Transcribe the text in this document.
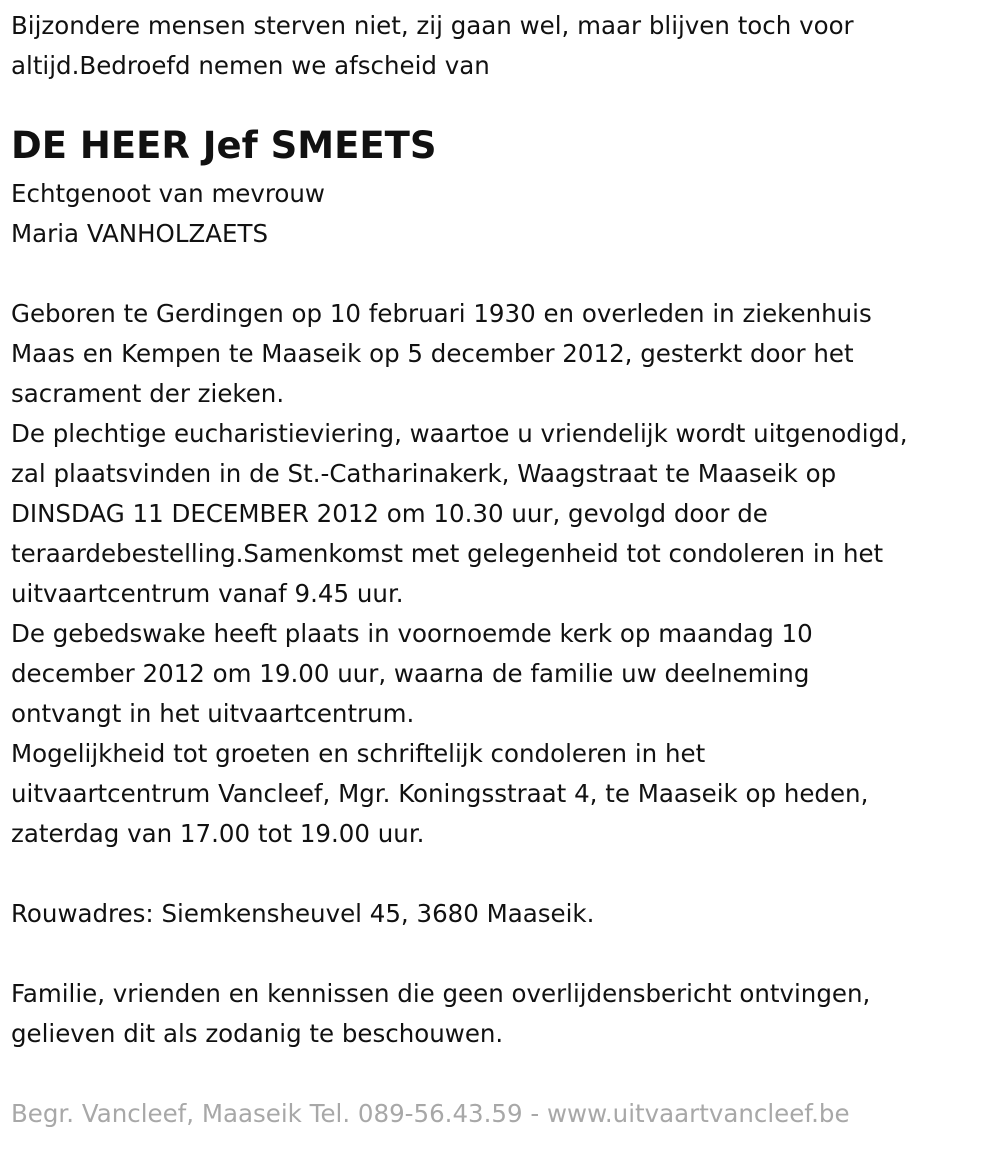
Bijzondere mensen sterven niet, zij gaan wel, maar blijven toch voor
altijd.Bedroefd nemen we afscheid van
DE HEER Jef SMEETS
Echtgenoot van mevrouw
Maria VANHOLZAETS
Geboren te Gerdingen op 10 februari 1930 en overleden in ziekenhuis
Maas en Kempen te Maaseik op 5 december 2012, gesterkt door het
sacrament der zieken.
De plechtige eucharistieviering, waartoe u vriendelijk wordt uitgenodigd,
zal plaatsvinden in de St.-Catharinakerk, Waagstraat te Maaseik op
DINSDAG 11 DECEMBER 2012 om 10.30 uur, gevolgd door de
teraardebestelling.Samenkomst met gelegenheid tot condoleren in het
uitvaartcentrum vanaf 9.45 uur.
De gebedswake heeft plaats in voornoemde kerk op maandag 10
december 2012 om 19.00 uur, waarna de familie uw deelneming
ontvangt in het uitvaartcentrum.
Mogelijkheid tot groeten en schriftelijk condoleren in het
uitvaartcentrum Vancleef, Mgr. Koningsstraat 4, te Maaseik op heden,
zaterdag van 17.00 tot 19.00 uur.
Rouwadres: Siemkensheuvel 45, 3680 Maaseik.
Familie, vrienden en kennissen die geen overlijdensbericht ontvingen,
gelieven dit als zodanig te beschouwen.
Begr. Vancleef, Maaseik Tel. 089-56.43.59 - www.uitvaartvancleef.be
